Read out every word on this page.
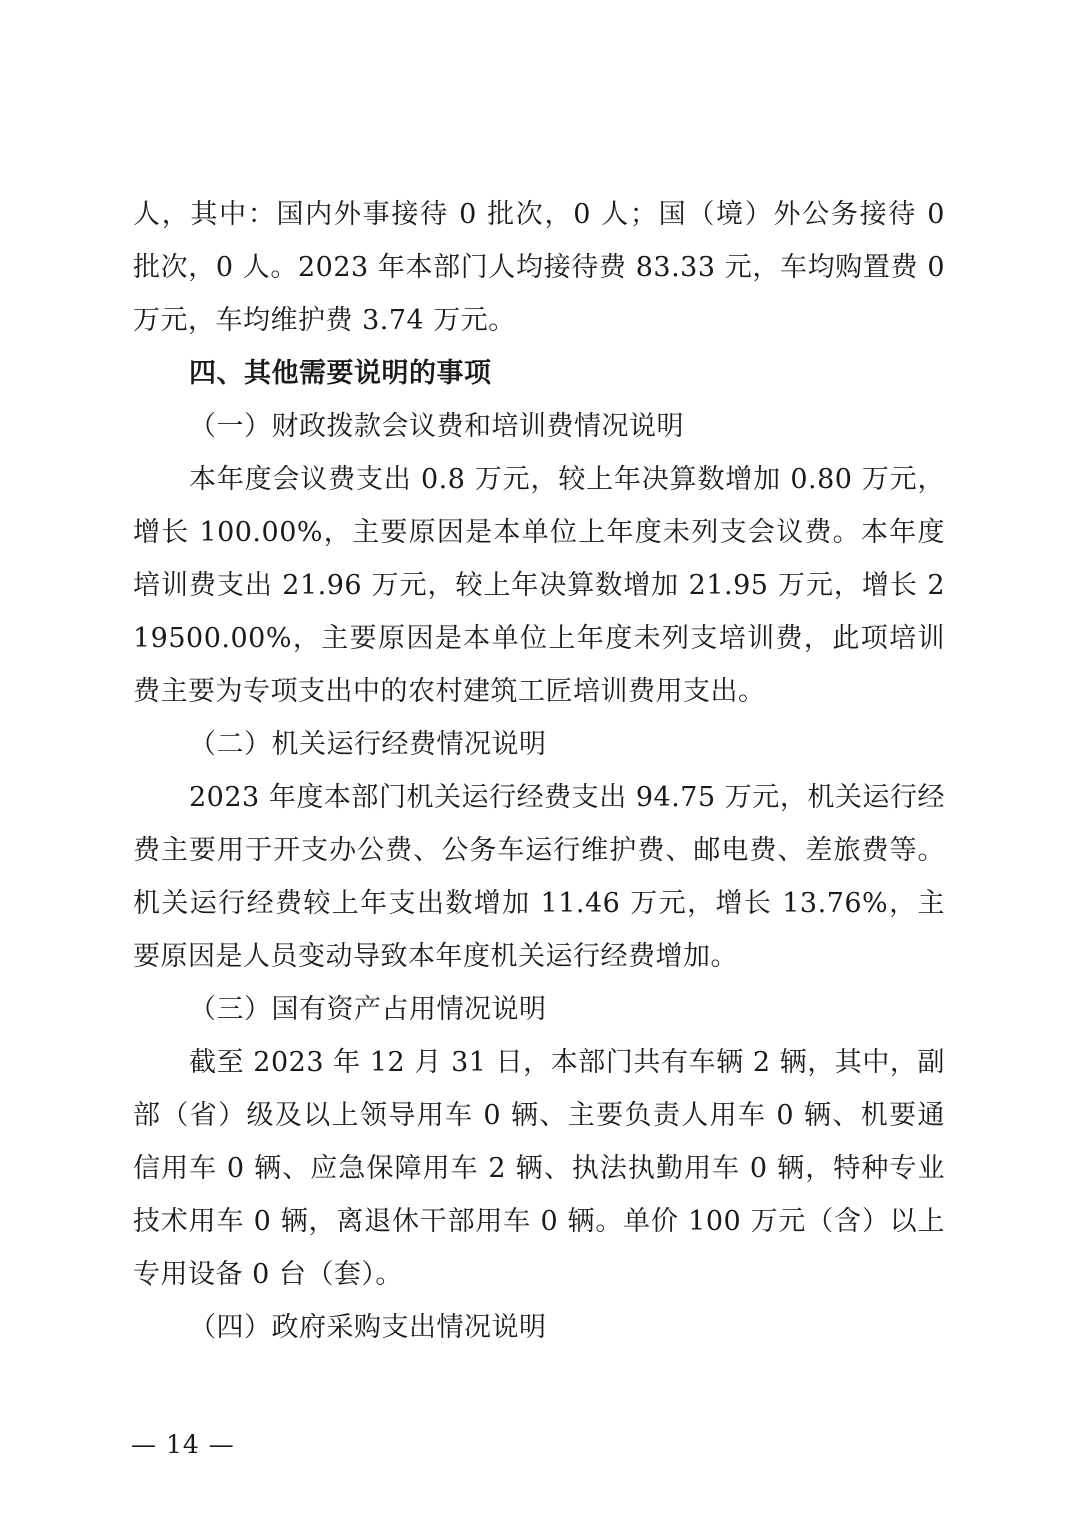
人，其中：国内外事接待 0 批次，0 人；国（境）外公务接待 0 批次，0 人。2023 年本部门人均接待费 83.33 元，车均购置费 0 万元，车均维护费 3.74 万元。

四、其他需要说明的事项

（一）财政拨款会议费和培训费情况说明

本年度会议费支出 0.8 万元，较上年决算数增加 0.80 万元，增长 100.00%，主要原因是本单位上年度未列支会议费。本年度培训费支出 21.96 万元，较上年决算数增加 21.95 万元，增长 219500.00%，主要原因是本单位上年度未列支培训费，此项培训费主要为专项支出中的农村建筑工匠培训费用支出。

（二）机关运行经费情况说明

2023 年度本部门机关运行经费支出 94.75 万元，机关运行经费主要用于开支办公费、公务车运行维护费、邮电费、差旅费等。机关运行经费较上年支出数增加 11.46 万元，增长 13.76%，主要原因是人员变动导致本年度机关运行经费增加。

（三）国有资产占用情况说明

截至 2023 年 12 月 31 日，本部门共有车辆 2 辆，其中，副部（省）级及以上领导用车 0 辆、主要负责人用车 0 辆、机要通信用车 0 辆、应急保障用车 2 辆、执法执勤用车 0 辆，特种专业技术用车 0 辆，离退休干部用车 0 辆。单价 100 万元（含）以上专用设备 0 台（套）。

（四）政府采购支出情况说明

— 14 —
